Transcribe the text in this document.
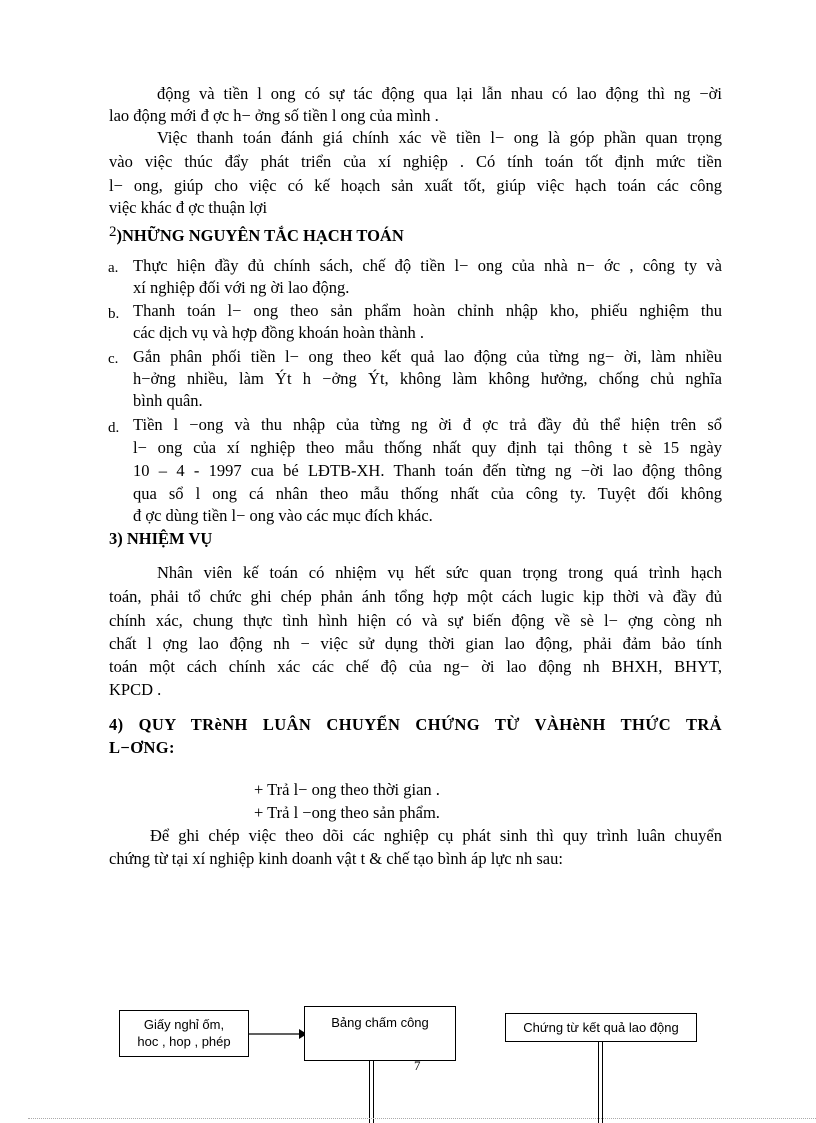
động và tiền l ong có sự tác động qua lại lẫn nhau có lao động thì ng −ời
lao động mới đ ợc h− ởng số tiền l ong của mình .
Việc thanh toán đánh giá chính xác về tiền l− ong là góp phần quan trọng
vào việc thúc đẩy phát triển của xí nghiệp . Có tính toán tốt định mức tiền
l− ong, giúp cho việc có kế hoạch sản xuất tốt, giúp việc hạch toán các công
việc khác đ ợc thuận lợi
2)NHỮNG NGUYÊN TẮC HẠCH TOÁN
a. Thực hiện đầy đủ chính sách, chế độ tiền l− ong của nhà n− ớc , công ty và
xí nghiệp đối với ng ời lao động.
b. Thanh toán l− ong theo sản phẩm hoàn chỉnh nhập kho, phiếu nghiệm thu
các dịch vụ và hợp đồng khoán hoàn thành .
c. Gắn phân phối tiền l− ong theo kết quả lao động của từng ng− ời, làm nhiều
h−ởng nhiều, làm Ýt h −ởng Ýt, không làm không hưởng, chống chủ nghĩa
bình quân.
d. Tiền l −ong và thu nhập của từng ng ời đ ợc trả đầy đủ thể hiện trên sổ
l− ong của xí nghiệp theo mẫu thống nhất quy định tại thông t sè 15 ngày
10 – 4 - 1997 cua bé LĐTB-XH. Thanh toán đến từng ng −ời lao động thông
qua sổ l ong cá nhân theo mẫu thống nhất của công ty. Tuyệt đối không
đ ợc dùng tiền l− ong vào các mục đích khác.
3) NHIỆM VỤ
Nhân viên kế toán có nhiệm vụ hết sức quan trọng trong quá trình hạch
toán, phải tổ chức ghi chép phản ánh tổng hợp một cách lugic kịp thời và đầy đủ
chính xác, chung thực tình hình hiện có và sự biến động về sè l− ợng còng nh
chất l ợng lao động nh − việc sử dụng thời gian lao động, phải đảm bảo tính
toán một cách chính xác các chế độ của ng− ời lao động nh BHXH, BHYT,
KPCD .
4) QUY TRèNH LUÂN CHUYỂN CHỨNG TỪ VÀHèNH THỨC TRẢ
L−ƠNG:
+ Trả l− ong theo thời gian .
+ Trả l −ong theo sản phẩm.
Để ghi chép việc theo dõi các nghiệp cụ phát sinh thì quy trình luân chuyển
chứng từ tại xí nghiệp kinh doanh vật t & chế tạo bình áp lực nh sau:
Giấy nghỉ ốm,
hoc , hop , phép
Bảng chấm công	Chứng từ kết quả lao động
7
